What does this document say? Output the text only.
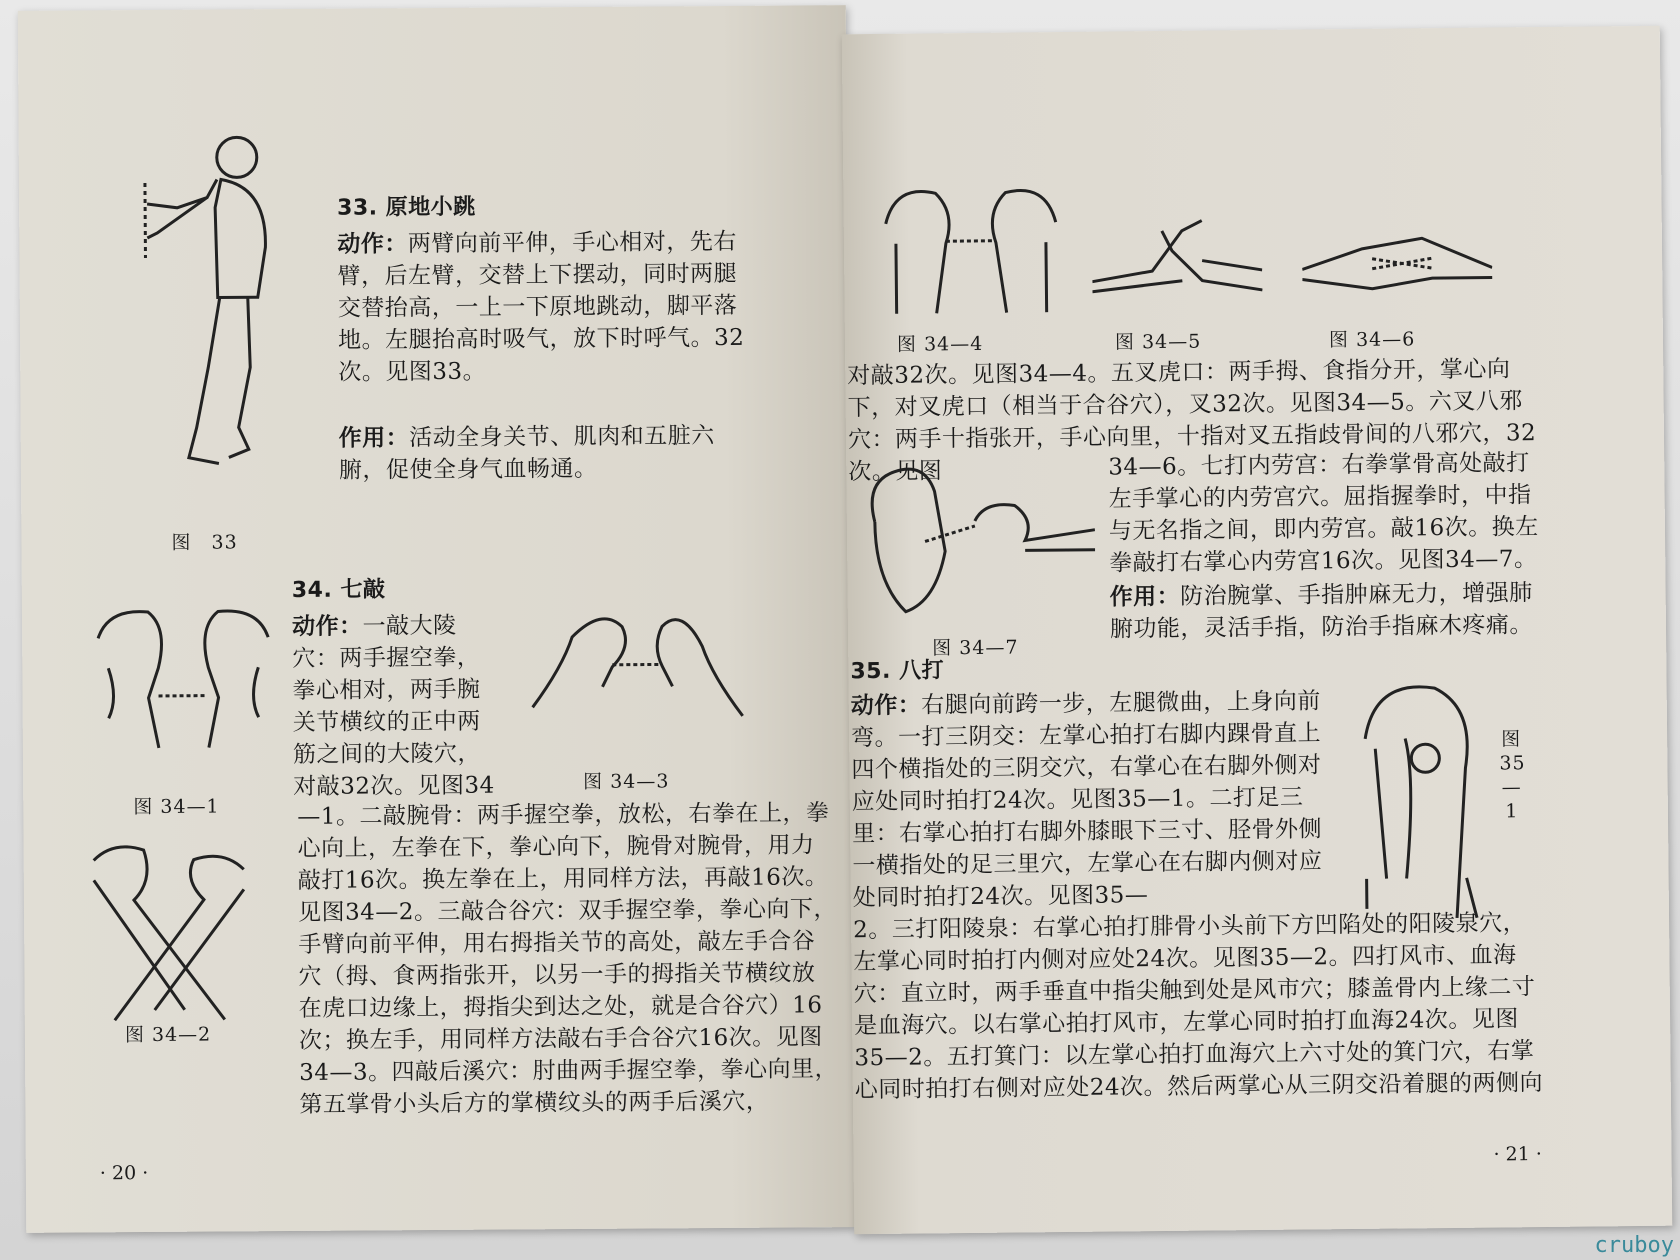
33. 原地小跳
动作：两臂向前平伸，手心相对，先右臂，后左臂，交替上下摆动，同时两腿交替抬高，一上一下原地跳动，脚平落地。左腿抬高时吸气，放下时呼气。32次。见图33。
作用：活动全身关节、肌肉和五脏六腑，促使全身气血畅通。
图　33
34. 七敲
动作：一敲大陵穴：两手握空拳，拳心相对，两手腕关节横纹的正中两筋之间的大陵穴，对敲32次。见图34	图 34—3
图 34—1	—1。二敲腕骨：两手握空拳，放松，右拳在上，拳心向上，左拳在下，拳心向下，腕骨对腕骨，用力敲打16次。换左拳在上，用同样方法，再敲16次。见图34—2。三敲合谷穴：双手握空拳，拳心向下，手臂向前平伸，用右拇指关节的高处，敲左手合谷穴（拇、食两指张开，以另一手的拇指关节横纹放在虎口边缘上，拇指尖到达之处，就是合谷穴）16次；换左手，用同样方法敲右手合谷穴16次。见图34—3。四敲后溪穴：肘曲两手握空拳，拳心向里，第五掌骨小头后方的掌横纹头的两手后溪穴，
图 34—2
· 20 ·
图 34—4	图 34—5	图 34—6
对敲32次。见图34—4。五叉虎口：两手拇、食指分开，掌心向下，对叉虎口（相当于合谷穴），叉32次。见图34—5。六叉八邪穴：两手十指张开，手心向里，十指对叉五指歧骨间的八邪穴，32次。见图	34—6。七打内劳宫：右拳掌骨高处敲打左手掌心的内劳宫穴。屈指握拳时，中指与无名指之间，即内劳宫。敲16次。换左拳敲打右掌心内劳宫16次。见图34—7。
作用：防治腕掌、手指肿麻无力，增强肺腑功能，灵活手指，防治手指麻木疼痛。
图 34—7
35. 八打
动作：右腿向前跨一步，左腿微曲，上身向前弯。一打三阴交：左掌心拍打右脚内踝骨直上四个横指处的三阴交穴，右掌心在右脚外侧对应处同时拍打24次。见图35—1。二打足三里：右掌心拍打右脚外膝眼下三寸、胫骨外侧一横指处的足三里穴，左掌心在右脚内侧对应处同时拍打24次。见图35—
图 35 — 1
2。三打阳陵泉：右掌心拍打腓骨小头前下方凹陷处的阳陵泉穴，左掌心同时拍打内侧对应处24次。见图35—2。四打风市、血海穴：直立时，两手垂直中指尖触到处是风市穴；膝盖骨内上缘二寸是血海穴。以右掌心拍打风市，左掌心同时拍打血海24次。见图35—2。五打箕门：以左掌心拍打血海穴上六寸处的箕门穴，右掌心同时拍打右侧对应处24次。然后两掌心从三阴交沿着腿的两侧向
· 21 ·
cruboy
